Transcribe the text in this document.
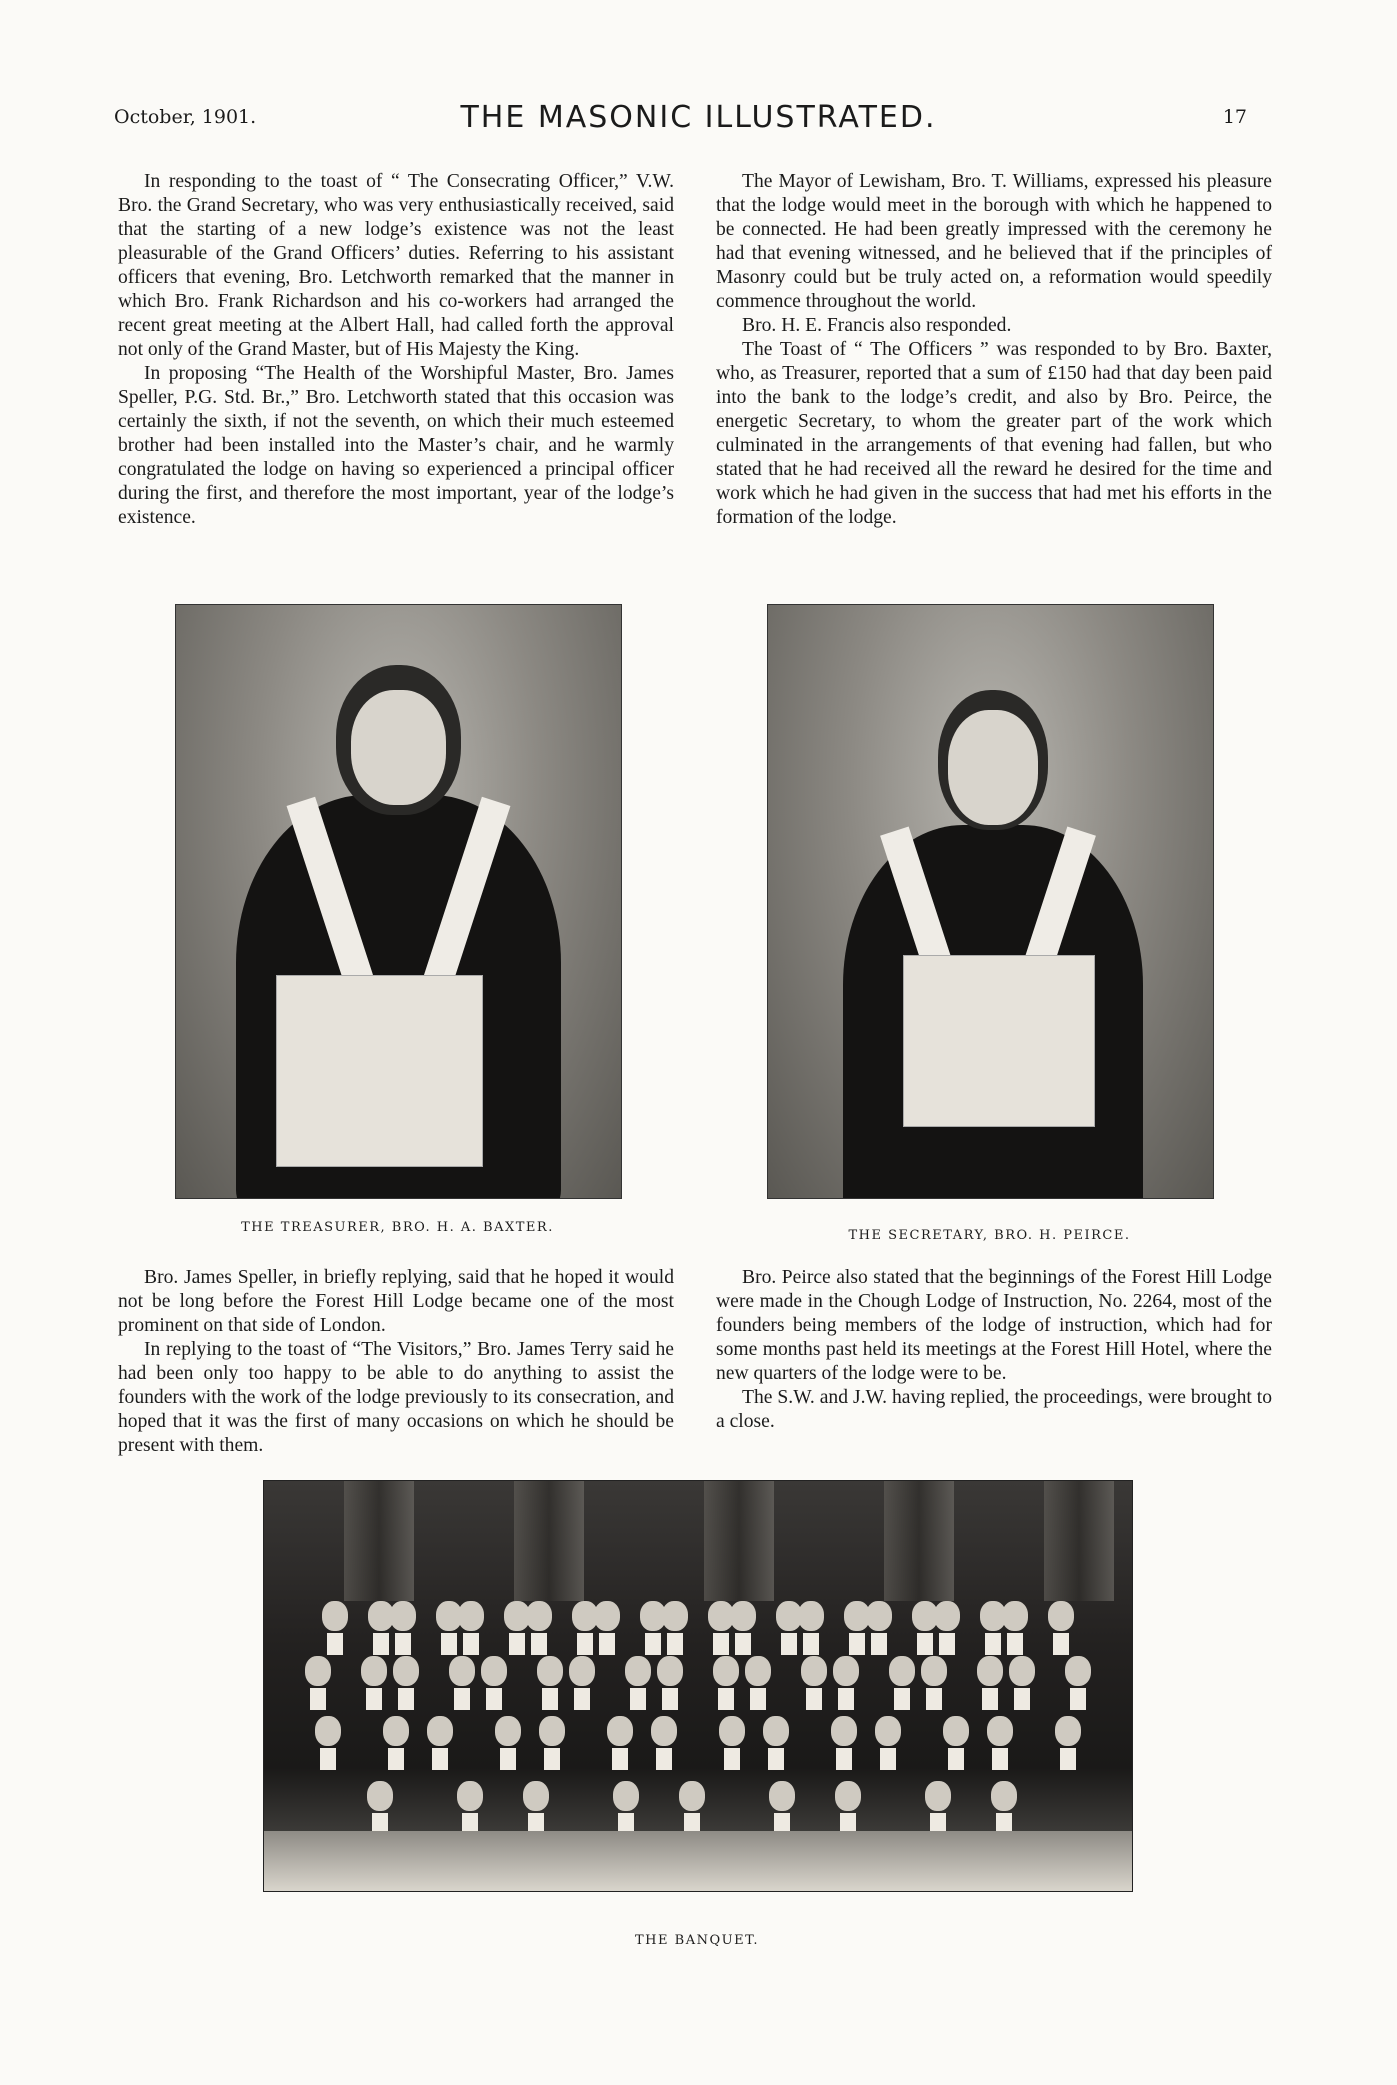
October, 1901.	THE MASONIC ILLUSTRATED.	17

In responding to the toast of “ The Consecrating Officer,” V.W. Bro. the Grand Secretary, who was very enthusiastically received, said that the starting of a new lodge’s existence was not the least pleasurable of the Grand Officers’ duties. Referring to his assistant officers that evening, Bro. Letchworth remarked that the manner in which Bro. Frank Richardson and his co-workers had arranged the recent great meeting at the Albert Hall, had called forth the approval not only of the Grand Master, but of His Majesty the King.

In proposing “The Health of the Worshipful Master, Bro. James Speller, P.G. Std. Br.,” Bro. Letchworth stated that this occasion was certainly the sixth, if not the seventh, on which their much esteemed brother had been installed into the Master’s chair, and he warmly congratulated the lodge on having so experienced a principal officer during the first, and therefore the most important, year of the lodge’s existence.

The Mayor of Lewisham, Bro. T. Williams, expressed his pleasure that the lodge would meet in the borough with which he happened to be connected. He had been greatly impressed with the ceremony he had that evening witnessed, and he believed that if the principles of Masonry could but be truly acted on, a reformation would speedily commence throughout the world.

Bro. H. E. Francis also responded.

The Toast of “ The Officers ” was responded to by Bro. Baxter, who, as Treasurer, reported that a sum of £150 had that day been paid into the bank to the lodge’s credit, and also by Bro. Peirce, the energetic Secretary, to whom the greater part of the work which culminated in the arrangements of that evening had fallen, but who stated that he had received all the reward he desired for the time and work which he had given in the success that had met his efforts in the formation of the lodge.

THE TREASURER, BRO. H. A. BAXTER.
THE SECRETARY, BRO. H. PEIRCE.

Bro. James Speller, in briefly replying, said that he hoped it would not be long before the Forest Hill Lodge became one of the most prominent on that side of London.

In replying to the toast of “The Visitors,” Bro. James Terry said he had been only too happy to be able to do anything to assist the founders with the work of the lodge previously to its consecration, and hoped that it was the first of many occasions on which he should be present with them.

Bro. Peirce also stated that the beginnings of the Forest Hill Lodge were made in the Chough Lodge of Instruction, No. 2264, most of the founders being members of the lodge of instruction, which had for some months past held its meetings at the Forest Hill Hotel, where the new quarters of the lodge were to be.

The S.W. and J.W. having replied, the proceedings, were brought to a close.

THE BANQUET.
